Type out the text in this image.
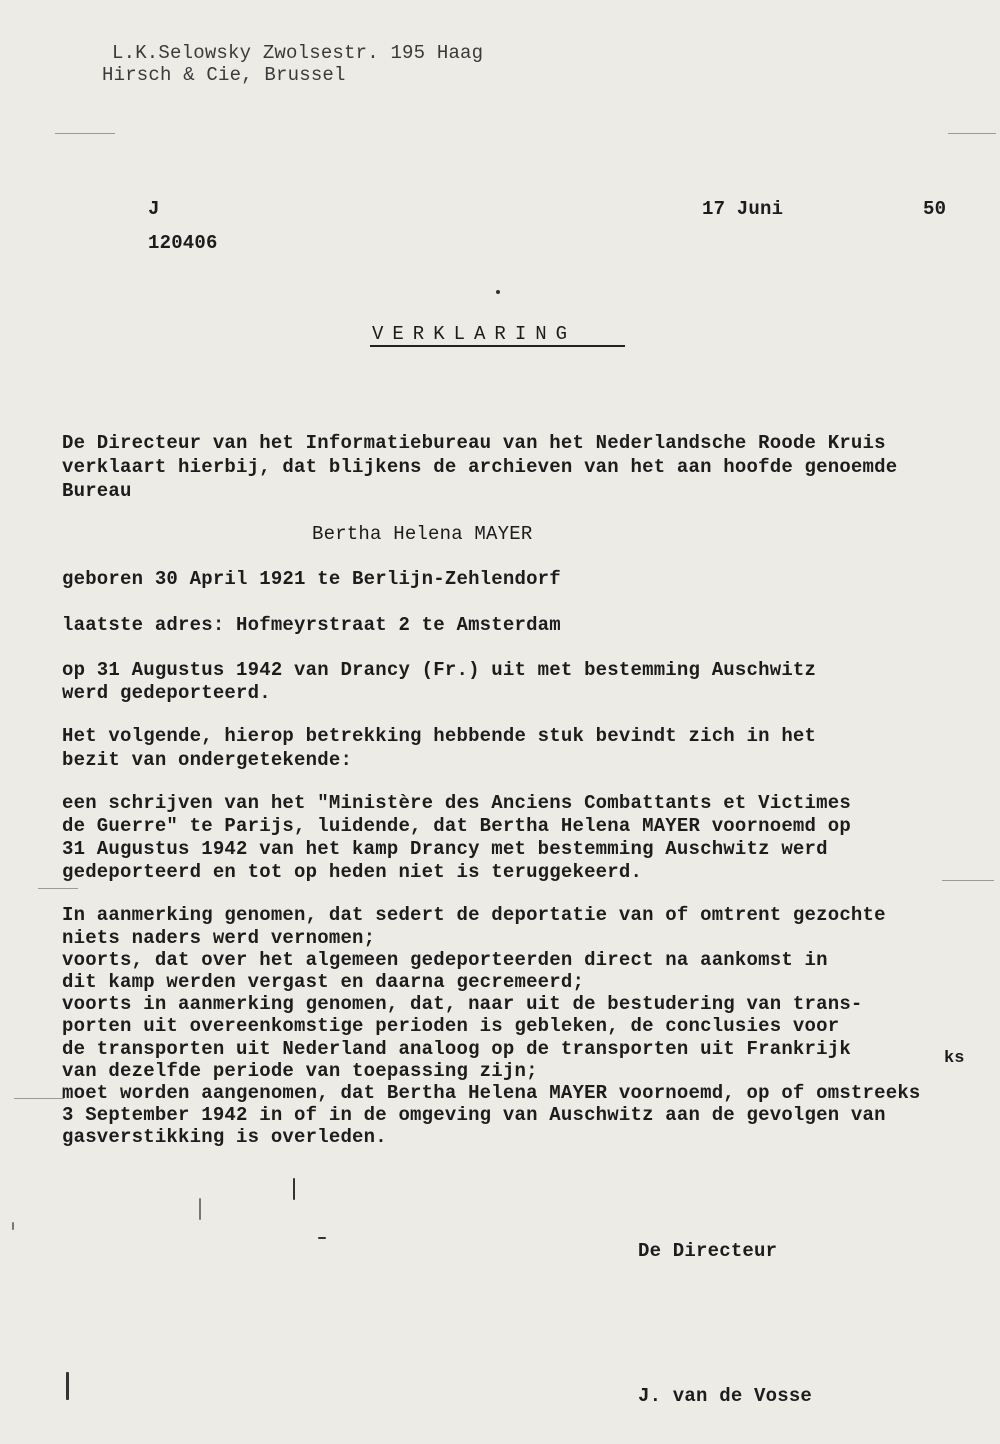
L.K.Selowsky Zwolsestr. 195 Haag
Hirsch & Cie, Brussel
J
120406
17 Juni	50
VERKLARING
De Directeur van het Informatiebureau van het Nederlandsche Roode Kruis
verklaart hierbij, dat blijkens de archieven van het aan hoofde genoemde
Bureau
Bertha Helena MAYER
geboren 30 April 1921 te Berlijn-Zehlendorf
laatste adres: Hofmeyrstraat 2 te Amsterdam
op 31 Augustus 1942 van Drancy (Fr.) uit met bestemming Auschwitz
werd gedeporteerd.
Het volgende, hierop betrekking hebbende stuk bevindt zich in het
bezit van ondergetekende:
een schrijven van het "Ministère des Anciens Combattants et Victimes
de Guerre" te Parijs, luidende, dat Bertha Helena MAYER voornoemd op
31 Augustus 1942 van het kamp Drancy met bestemming Auschwitz werd
gedeporteerd en tot op heden niet is teruggekeerd.
In aanmerking genomen, dat sedert de deportatie van of omtrent gezochte
niets naders werd vernomen;
voorts, dat over het algemeen gedeporteerden direct na aankomst in
dit kamp werden vergast en daarna gecremeerd;
voorts in aanmerking genomen, dat, naar uit de bestudering van trans-
porten uit overeenkomstige perioden is gebleken, de conclusies voor
de transporten uit Nederland analoog op de transporten uit Frankrijk
van dezelfde periode van toepassing zijn;
moet worden aangenomen, dat Bertha Helena MAYER voornoemd, op of omstreeks
3 September 1942 in of in de omgeving van Auschwitz aan de gevolgen van
gasverstikking is overleden.
ks
De Directeur
J. van de Vosse
